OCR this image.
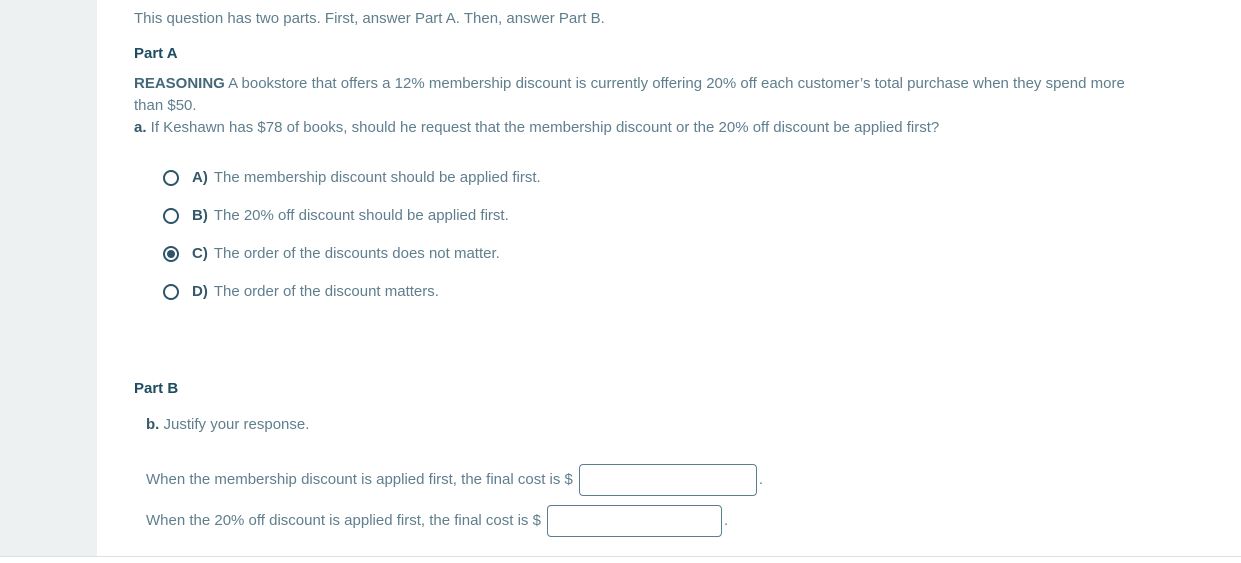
This question has two parts. First, answer Part A. Then, answer Part B.

Part A

REASONING A bookstore that offers a 12% membership discount is currently offering 20% off each customer’s total purchase when they spend more than $50.

a. If Keshawn has $78 of books, should he request that the membership discount or the 20% off discount be applied first?

A) The membership discount should be applied first.
B) The 20% off discount should be applied first.
C) The order of the discounts does not matter.
D) The order of the discount matters.
Part B

b. Justify your response.

When the membership discount is applied first, the final cost is $	.
When the 20% off discount is applied first, the final cost is $	.
